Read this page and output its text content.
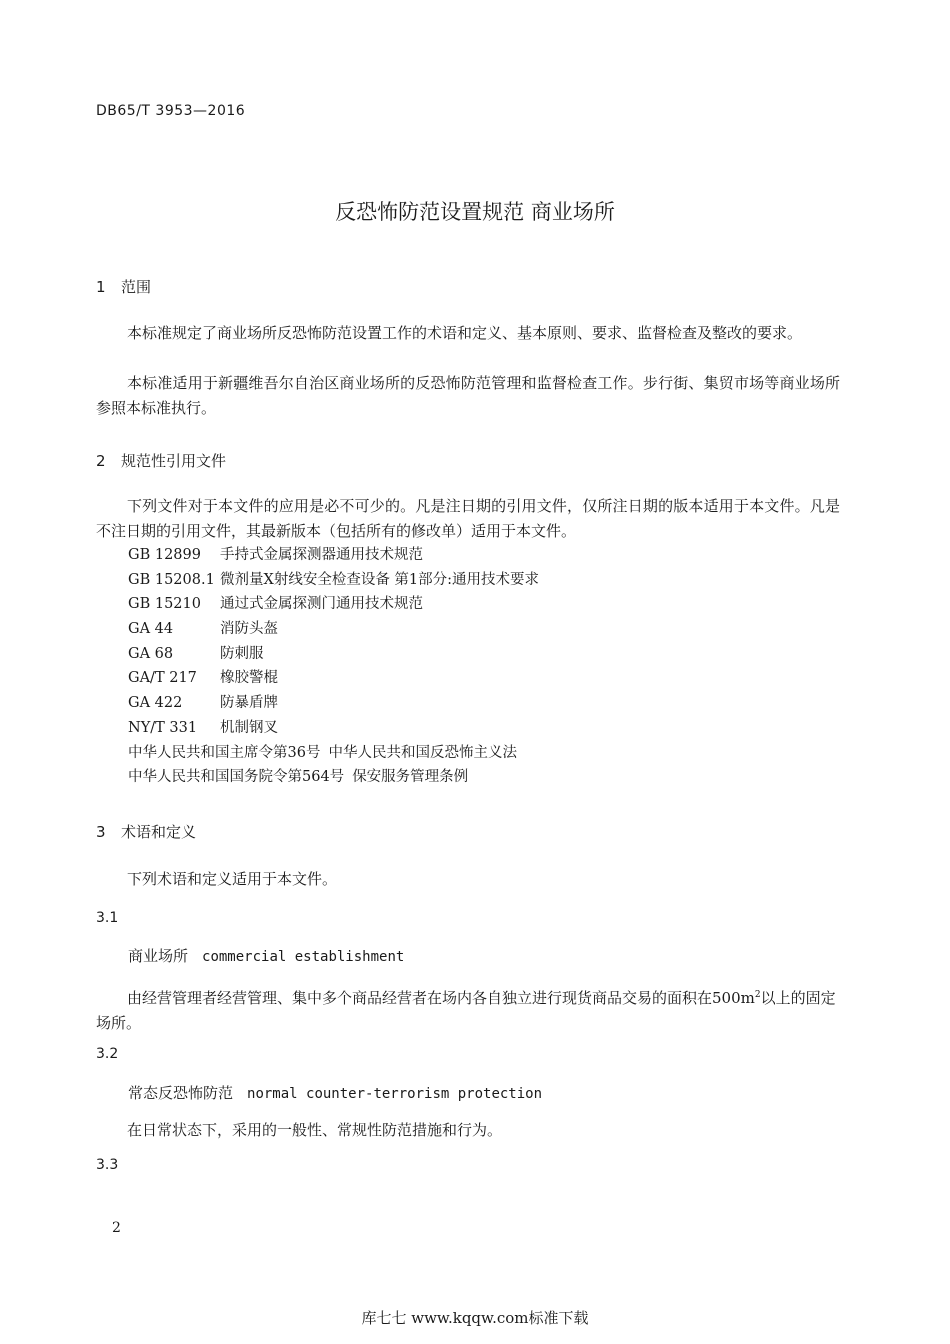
DB65/T 3953—2016
反恐怖防范设置规范 商业场所
1 范围
本标准规定了商业场所反恐怖防范设置工作的术语和定义、基本原则、要求、监督检查及整改的要求。
本标准适用于新疆维吾尔自治区商业场所的反恐怖防范管理和监督检查工作。步行街、集贸市场等商业场所参照本标准执行。
2 规范性引用文件
下列文件对于本文件的应用是必不可少的。凡是注日期的引用文件，仅所注日期的版本适用于本文件。凡是不注日期的引用文件，其最新版本（包括所有的修改单）适用于本文件。
GB 12899 手持式金属探测器通用技术规范
GB 15208.1 微剂量X射线安全检查设备 第1部分:通用技术要求
GB 15210 通过式金属探测门通用技术规范
GA 44	消防头盔
GA 68	防刺服
GA/T 217 橡胶警棍
GA 422	防暴盾牌
NY/T 331 机制钢叉
中华人民共和国主席令第36号 中华人民共和国反恐怖主义法
中华人民共和国国务院令第564号 保安服务管理条例
3 术语和定义
下列术语和定义适用于本文件。
3.1
商业场所 commercial establishment
由经营管理者经营管理、集中多个商品经营者在场内各自独立进行现货商品交易的面积在$500m^2$以上的固定场所。
3.2
常态反恐怖防范 normal counter-terrorism protection
在日常状态下，采用的一般性、常规性防范措施和行为。
3.3
2
库七七 www.kqqw.com标准下载
